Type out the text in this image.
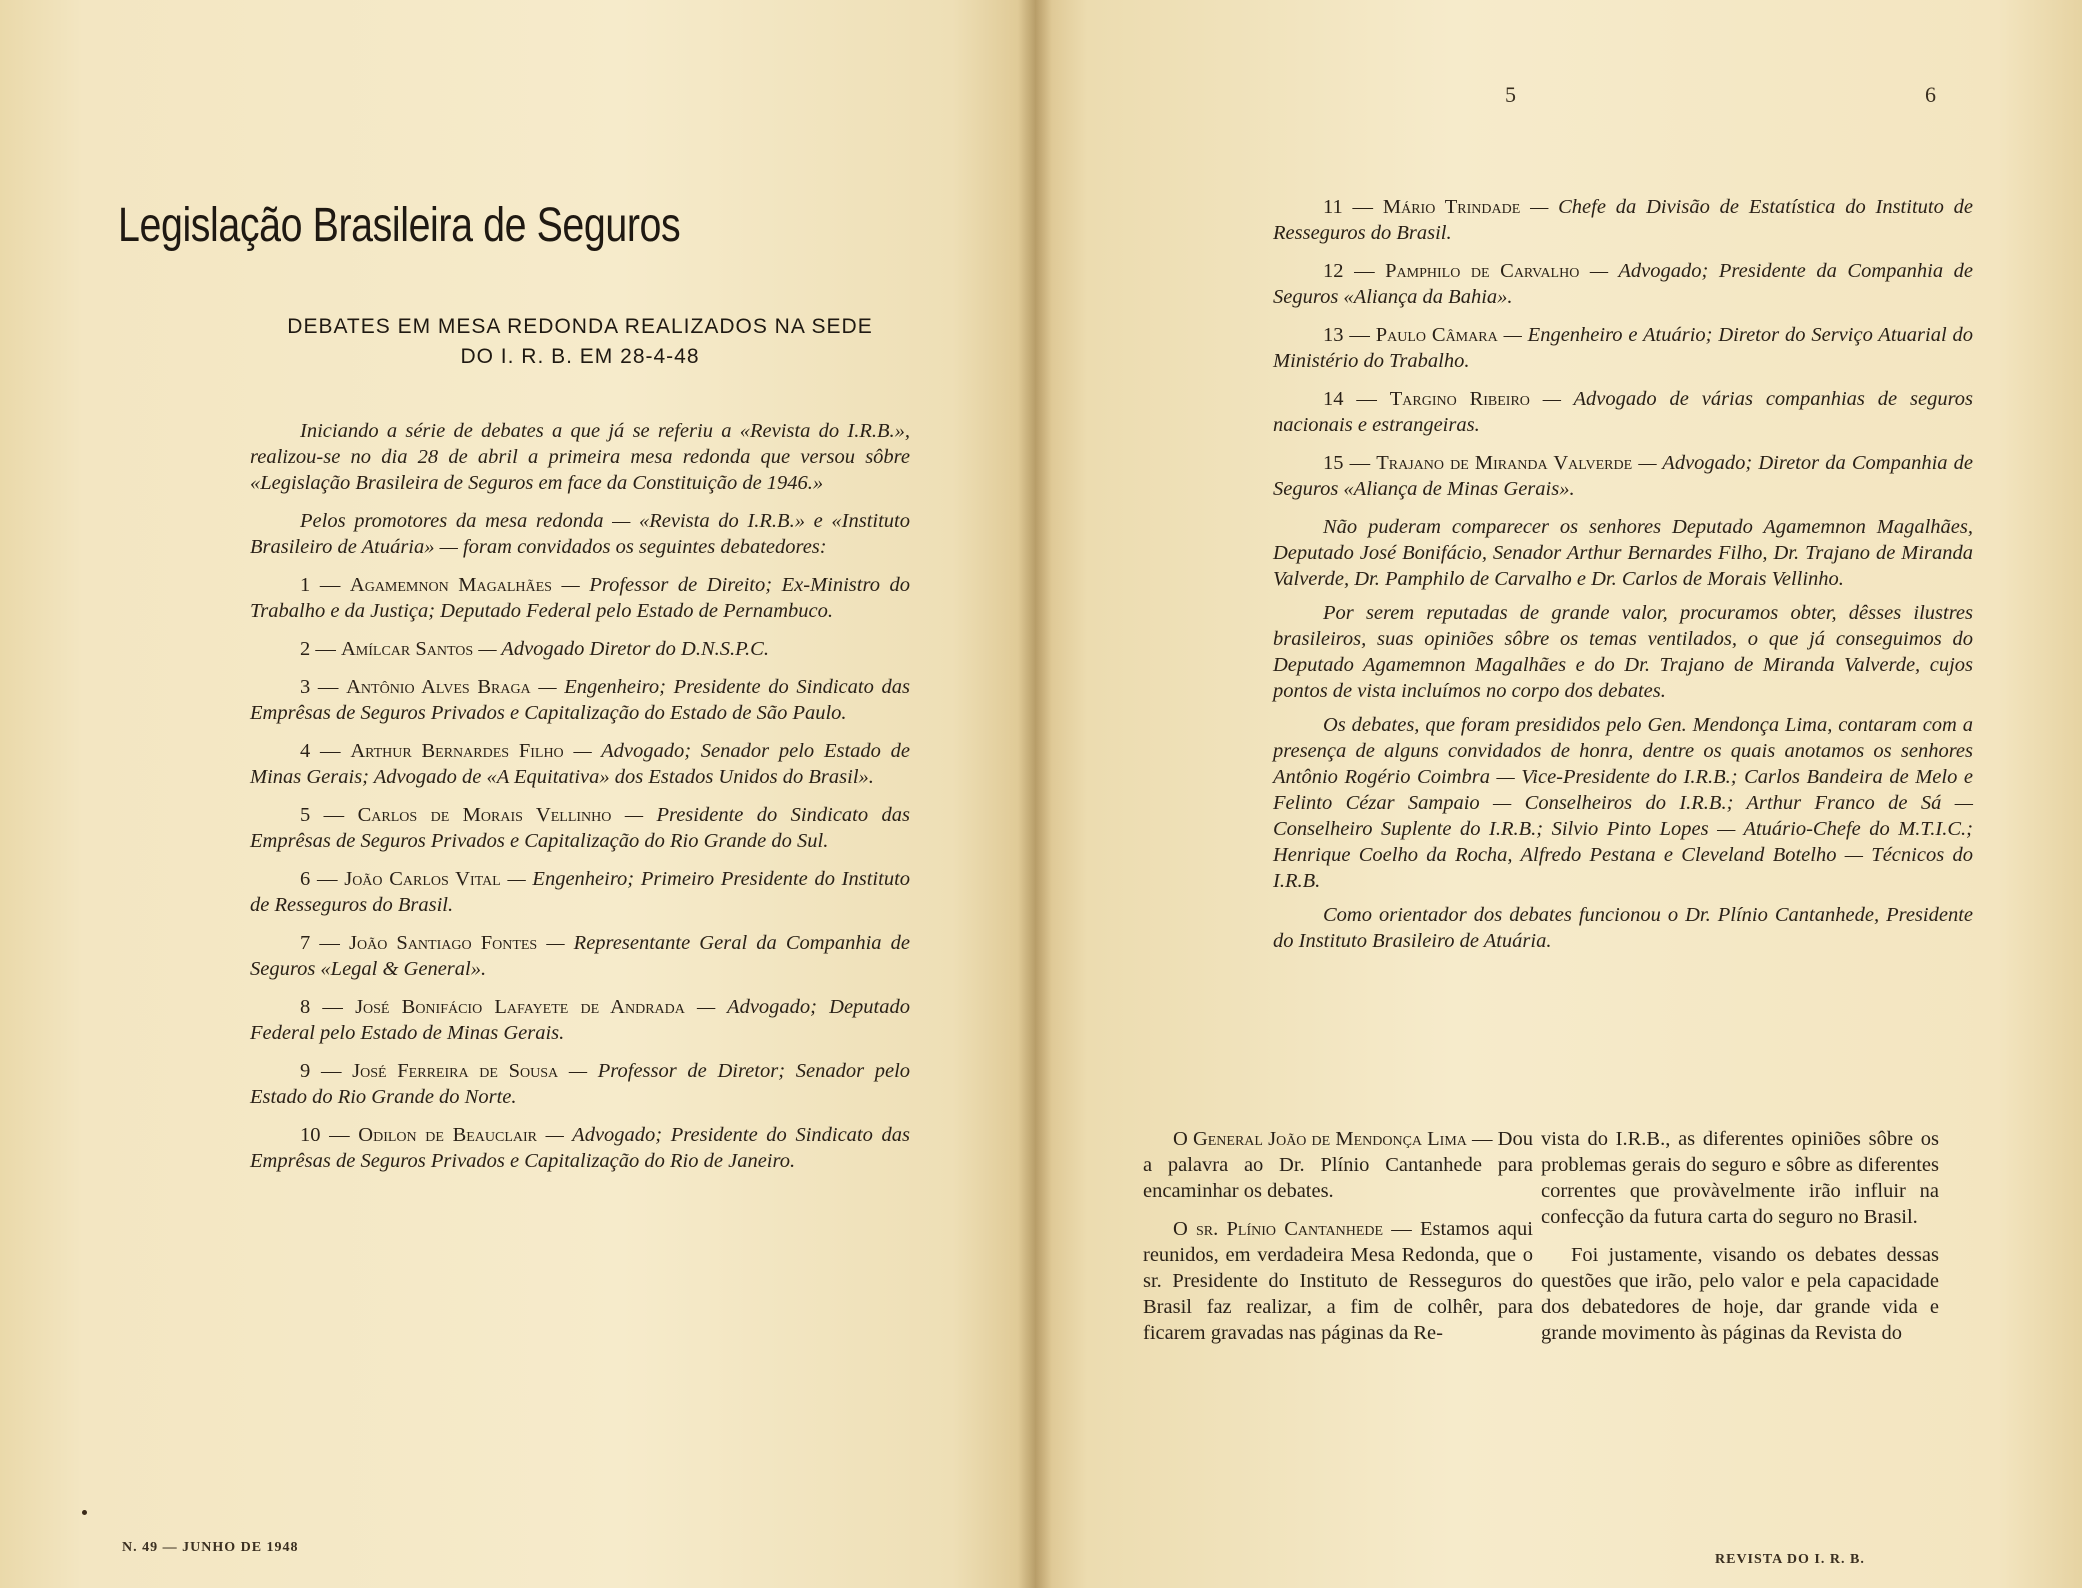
Legislação Brasileira de Seguros
DEBATES EM MESA REDONDA REALIZADOS NA SEDE
DO I. R. B. EM 28-4-48

Iniciando a série de debates a que já se referiu a «Revista do I.R.B.», realizou-se no dia 28 de abril a primeira mesa redonda que versou sôbre «Legislação Brasileira de Seguros em face da Constituição de 1946.»

Pelos promotores da mesa redonda — «Revista do I.R.B.» e «Instituto Brasileiro de Atuária» — foram convidados os seguintes debatedores:

1 — Agamemnon Magalhães — Professor de Direito; Ex-Ministro do Trabalho e da Justiça; Deputado Federal pelo Estado de Pernambuco.
2 — Amílcar Santos — Advogado Diretor do D.N.S.P.C.
3 — Antônio Alves Braga — Engenheiro; Presidente do Sindicato das Emprêsas de Seguros Privados e Capitalização do Estado de São Paulo.
4 — Arthur Bernardes Filho — Advogado; Senador pelo Estado de Minas Gerais; Advogado de «A Equitativa» dos Estados Unidos do Brasil».
5 — Carlos de Morais Vellinho — Presidente do Sindicato das Emprêsas de Seguros Privados e Capitalização do Rio Grande do Sul.
6 — João Carlos Vital — Engenheiro; Primeiro Presidente do Instituto de Resseguros do Brasil.
7 — João Santiago Fontes — Representante Geral da Companhia de Seguros «Legal & General».
8 — José Bonifácio Lafayete de Andrada — Advogado; Deputado Federal pelo Estado de Minas Gerais.
9 — José Ferreira de Sousa — Professor de Diretor; Senador pelo Estado do Rio Grande do Norte.
10 — Odilon de Beauclair — Advogado; Presidente do Sindicato das Emprêsas de Seguros Privados e Capitalização do Rio de Janeiro.
N. 49 — JUNHO DE 1948
5	6
11 — Mário Trindade — Chefe da Divisão de Estatística do Instituto de Resseguros do Brasil.
12 — Pamphilo de Carvalho — Advogado; Presidente da Companhia de Seguros «Aliança da Bahia».
13 — Paulo Câmara — Engenheiro e Atuário; Diretor do Serviço Atuarial do Ministério do Trabalho.
14 — Targino Ribeiro — Advogado de várias companhias de seguros nacionais e estrangeiras.
15 — Trajano de Miranda Valverde — Advogado; Diretor da Companhia de Seguros «Aliança de Minas Gerais».

Não puderam comparecer os senhores Deputado Agamemnon Magalhães, Deputado José Bonifácio, Senador Arthur Bernardes Filho, Dr. Trajano de Miranda Valverde, Dr. Pamphilo de Carvalho e Dr. Carlos de Morais Vellinho.

Por serem reputadas de grande valor, procuramos obter, dêsses ilustres brasileiros, suas opiniões sôbre os temas ventilados, o que já conseguimos do Deputado Agamemnon Magalhães e do Dr. Trajano de Miranda Valverde, cujos pontos de vista incluímos no corpo dos debates.

Os debates, que foram presididos pelo Gen. Mendonça Lima, contaram com a presença de alguns convidados de honra, dentre os quais anotamos os senhores Antônio Rogério Coimbra — Vice-Presidente do I.R.B.; Carlos Bandeira de Melo e Felinto Cézar Sampaio — Conselheiros do I.R.B.; Arthur Franco de Sá — Conselheiro Suplente do I.R.B.; Silvio Pinto Lopes — Atuário-Chefe do M.T.I.C.; Henrique Coelho da Rocha, Alfredo Pestana e Cleveland Botelho — Técnicos do I.R.B.

Como orientador dos debates funcionou o Dr. Plínio Cantanhede, Presidente do Instituto Brasileiro de Atuária.

O General João de Mendonça Lima — Dou a palavra ao Dr. Plínio Cantanhede para encaminhar os debates.

O sr. Plínio Cantanhede — Estamos aqui reunidos, em verdadeira Mesa Redonda, que o sr. Presidente do Instituto de Resseguros do Brasil faz realizar, a fim de colhêr, para ficarem gravadas nas páginas da Re-

vista do I.R.B., as diferentes opiniões sôbre os problemas gerais do seguro e sôbre as diferentes correntes que provàvelmente irão influir na confecção da futura carta do seguro no Brasil.

Foi justamente, visando os debates dessas questões que irão, pelo valor e pela capacidade dos debatedores de hoje, dar grande vida e grande movimento às páginas da Revista do

REVISTA DO I. R. B.
